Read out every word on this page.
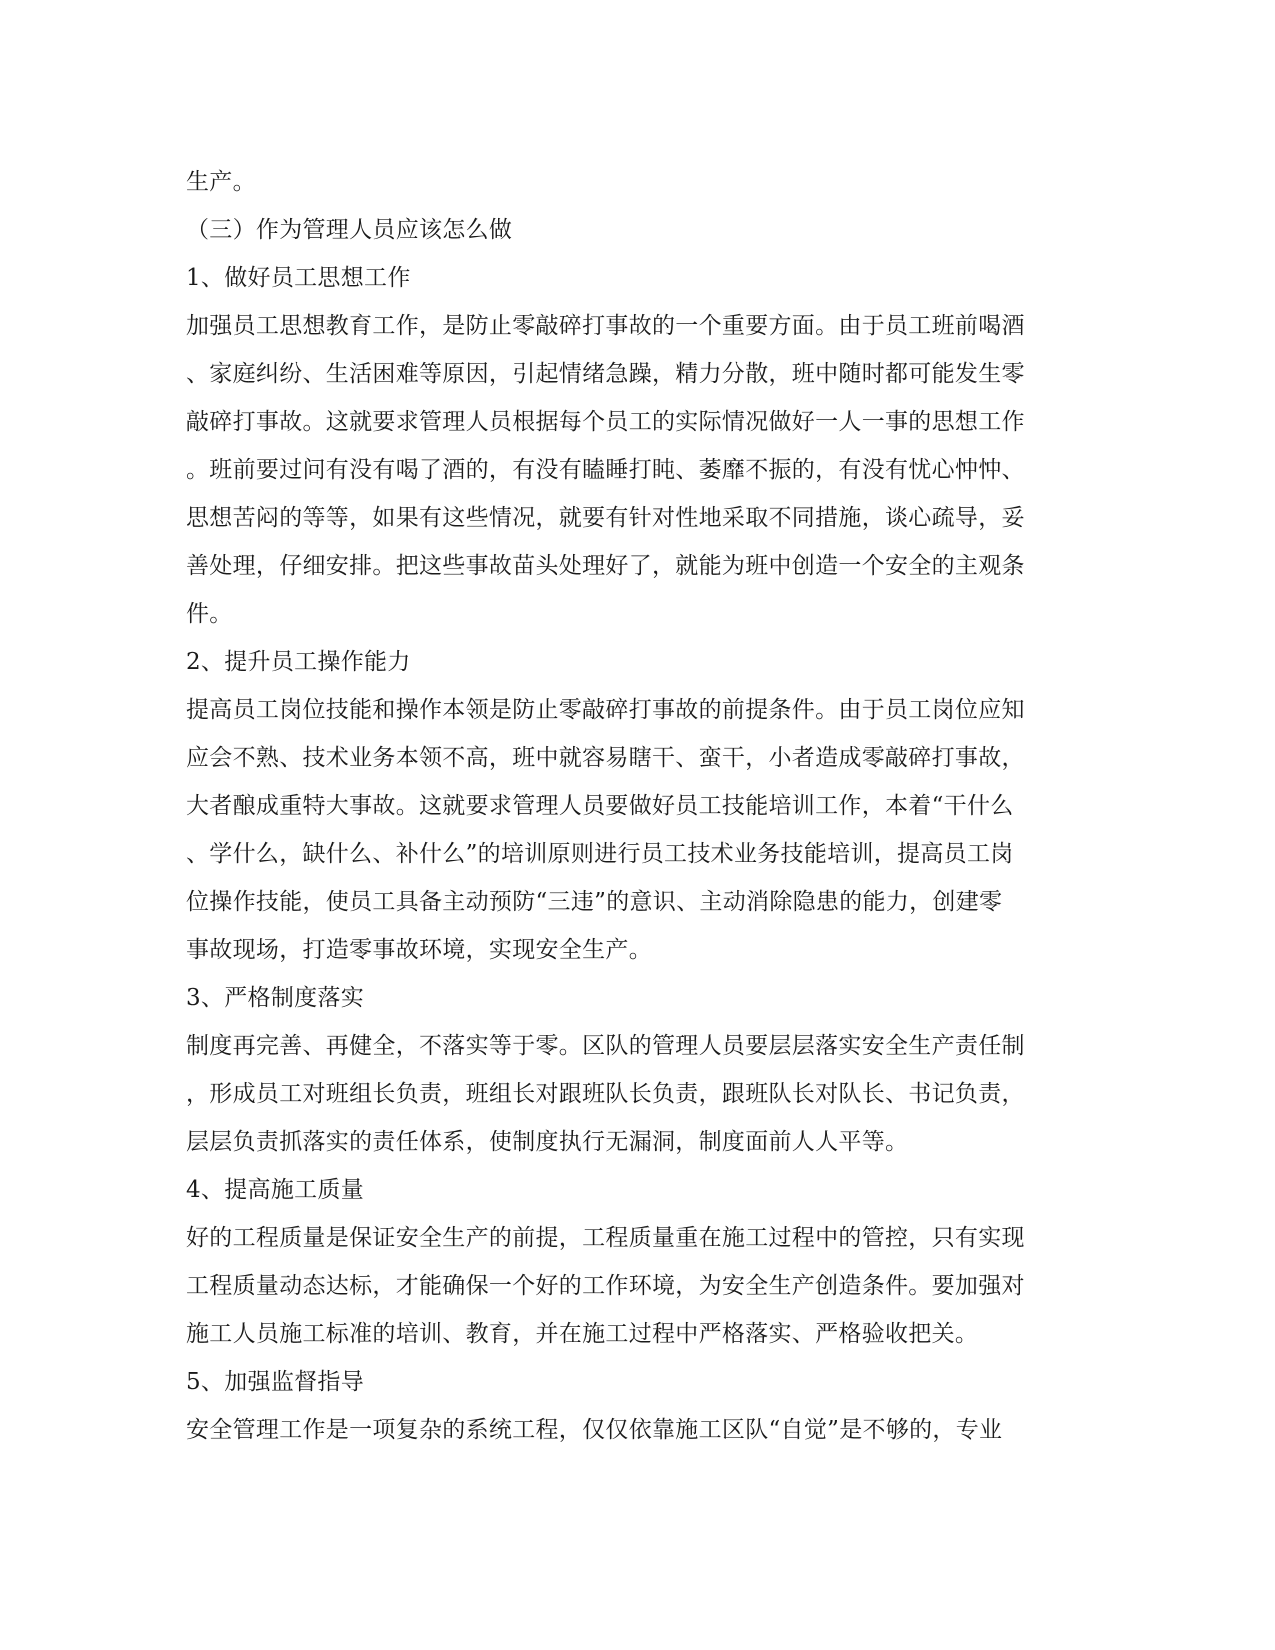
生产。
（三）作为管理人员应该怎么做
1、做好员工思想工作
加强员工思想教育工作，是防止零敲碎打事故的一个重要方面。由于员工班前喝酒
、家庭纠纷、生活困难等原因，引起情绪急躁，精力分散，班中随时都可能发生零
敲碎打事故。这就要求管理人员根据每个员工的实际情况做好一人一事的思想工作
。班前要过问有没有喝了酒的，有没有瞌睡打盹、萎靡不振的，有没有忧心忡忡、
思想苦闷的等等，如果有这些情况，就要有针对性地采取不同措施，谈心疏导，妥
善处理，仔细安排。把这些事故苗头处理好了，就能为班中创造一个安全的主观条
件。
2、提升员工操作能力
提高员工岗位技能和操作本领是防止零敲碎打事故的前提条件。由于员工岗位应知
应会不熟、技术业务本领不高，班中就容易瞎干、蛮干，小者造成零敲碎打事故，
大者酿成重特大事故。这就要求管理人员要做好员工技能培训工作，本着“干什么
、学什么，缺什么、补什么”的培训原则进行员工技术业务技能培训，提高员工岗
位操作技能，使员工具备主动预防“三违”的意识、主动消除隐患的能力，创建零
事故现场，打造零事故环境，实现安全生产。
3、严格制度落实
制度再完善、再健全，不落实等于零。区队的管理人员要层层落实安全生产责任制
，形成员工对班组长负责，班组长对跟班队长负责，跟班队长对队长、书记负责，
层层负责抓落实的责任体系，使制度执行无漏洞，制度面前人人平等。
4、提高施工质量
好的工程质量是保证安全生产的前提，工程质量重在施工过程中的管控，只有实现
工程质量动态达标，才能确保一个好的工作环境，为安全生产创造条件。要加强对
施工人员施工标准的培训、教育，并在施工过程中严格落实、严格验收把关。
5、加强监督指导
安全管理工作是一项复杂的系统工程，仅仅依靠施工区队“自觉”是不够的，专业
